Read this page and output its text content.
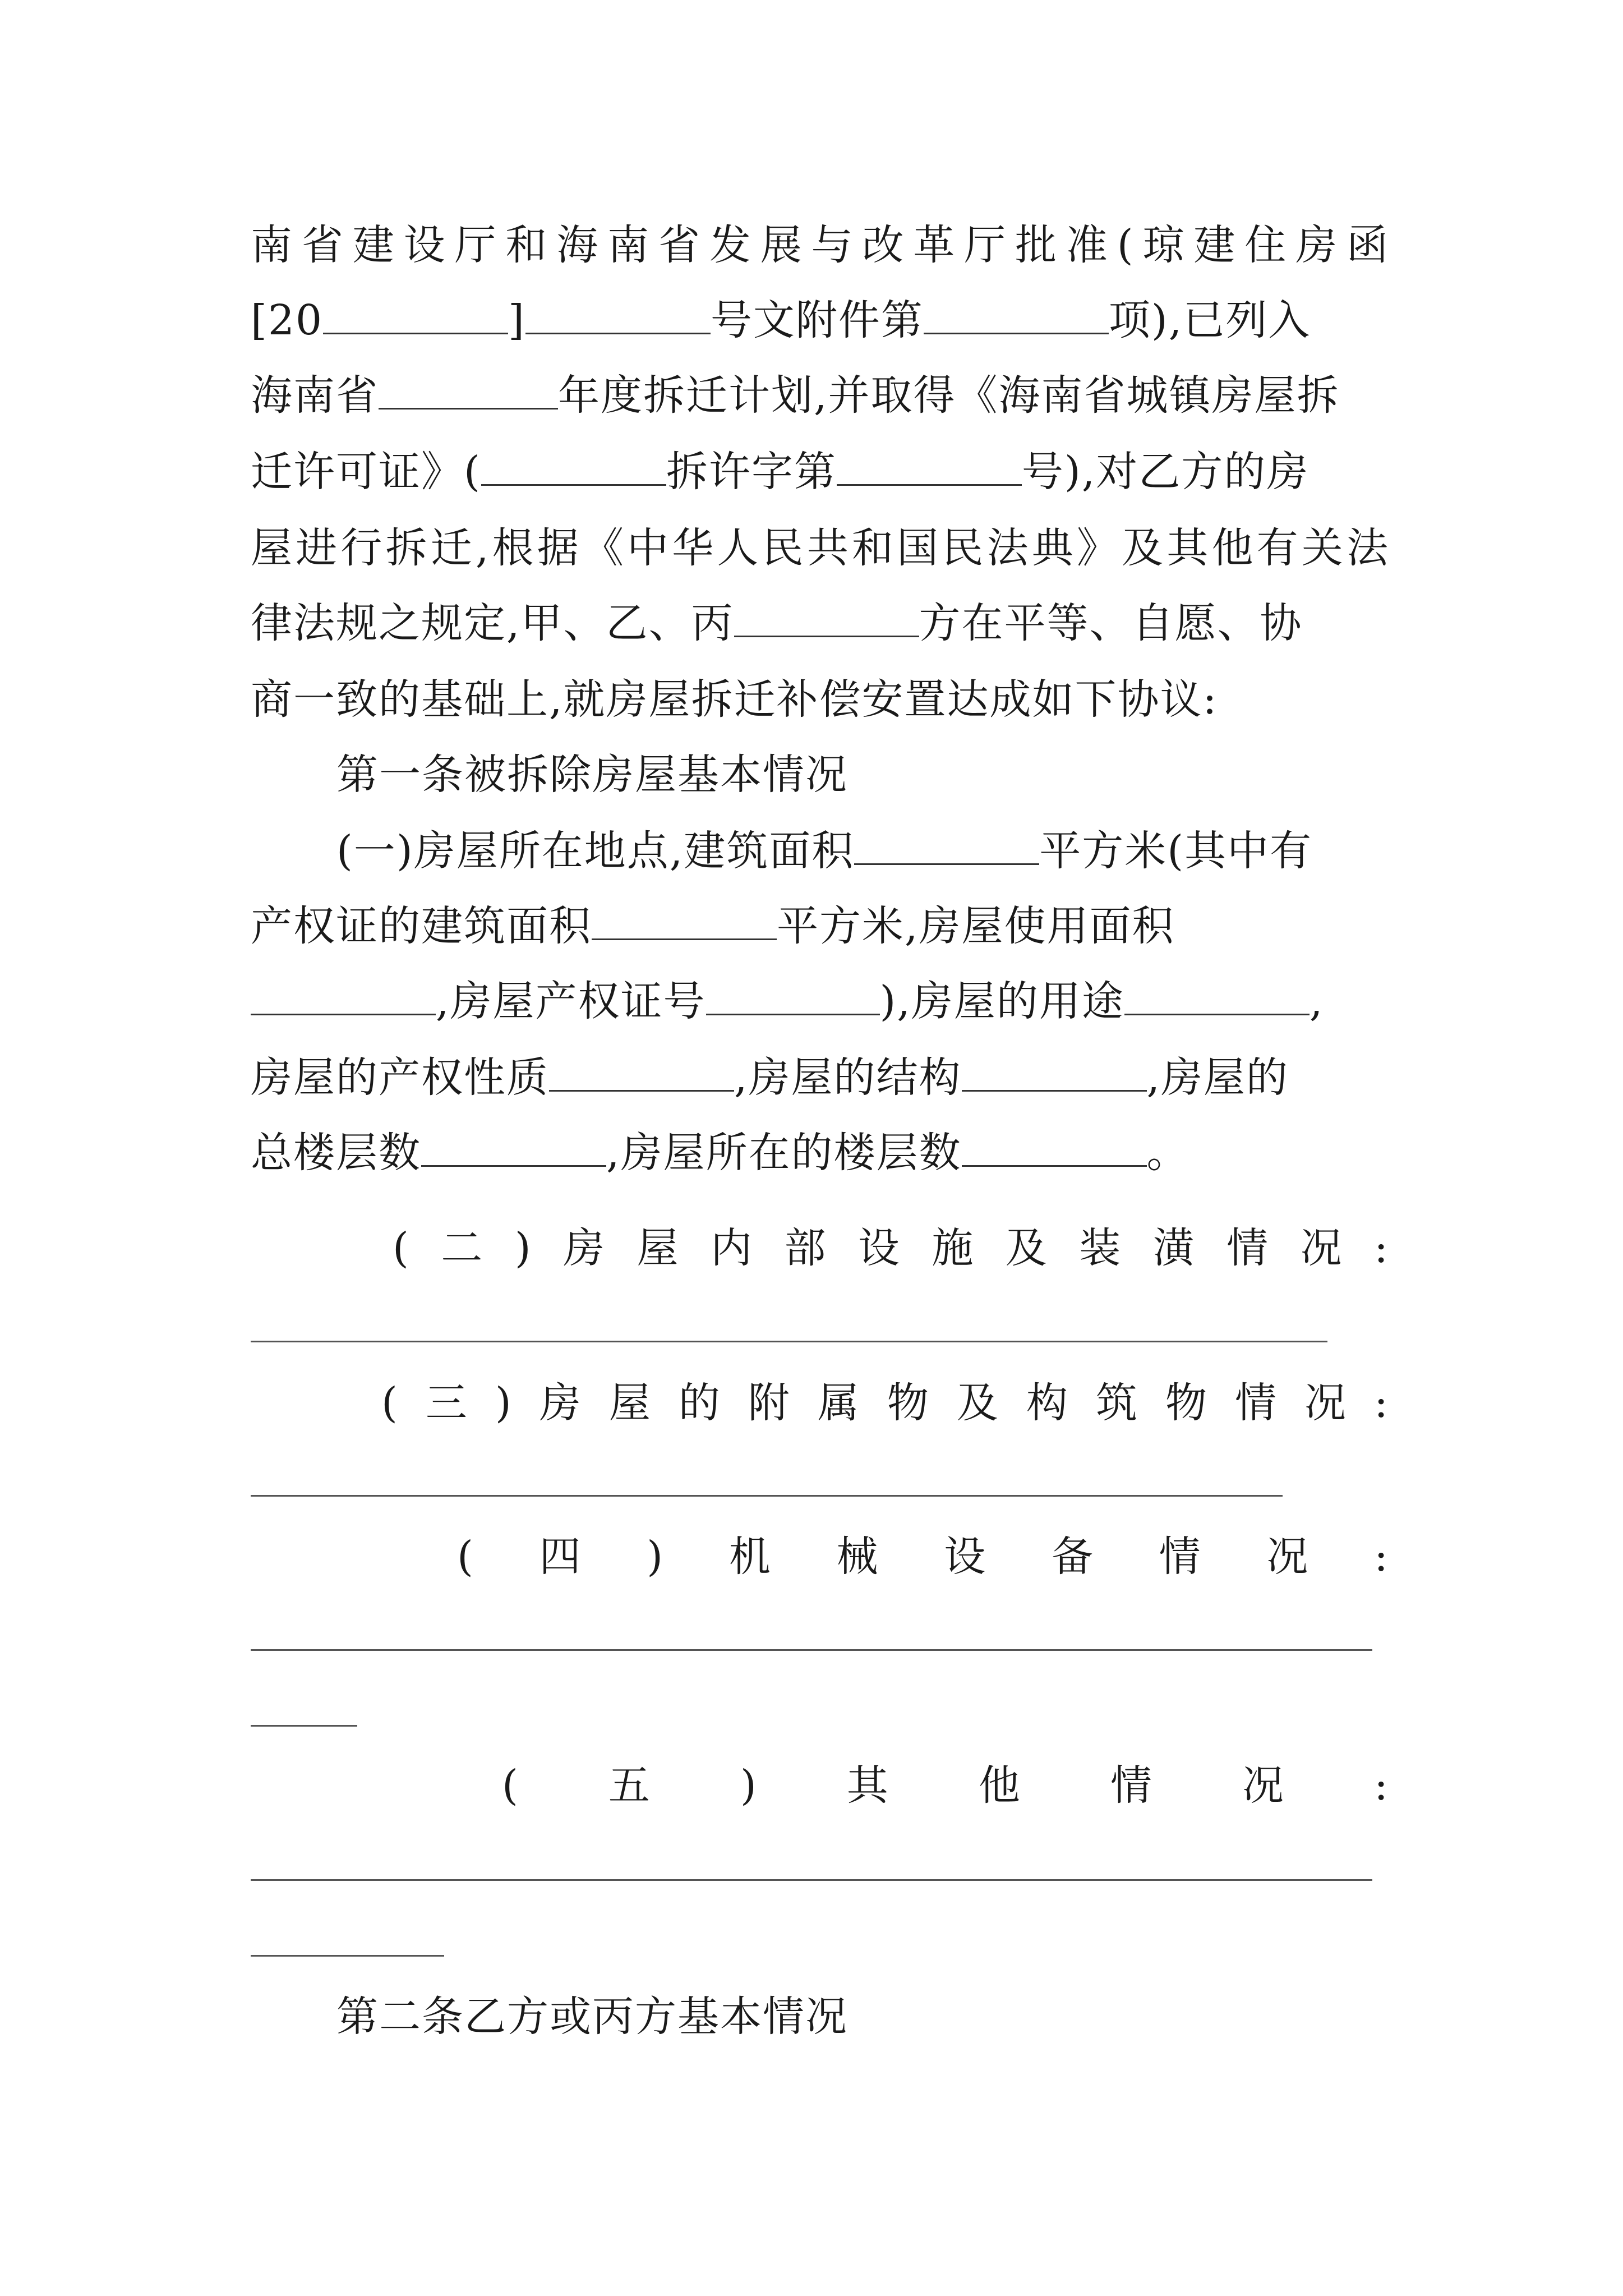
南省建设厅和海南省发展与改革厅批准(琼建住房函
[20	]	号文附件第	项),已列入
海南省	年度拆迁计划,并取得《海南省城镇房屋拆
迁许可证》(	拆许字第	号),对乙方的房
屋进行拆迁,根据《中华人民共和国民法典》及其他有关法
律法规之规定,甲、乙、丙	方在平等、自愿、协
商一致的基础上,就房屋拆迁补偿安置达成如下协议:
第一条被拆除房屋基本情况
(一)房屋所在地点,建筑面积	平方米(其中有
产权证的建筑面积	平方米,房屋使用面积
,房屋产权证号	),房屋的用途	,
房屋的产权性质	,房屋的结构	,房屋的
总楼层数	,房屋所在的楼层数	。
(二)房屋内部设施及装潢情况:
(三)房屋的附属物及构筑物情况:
(四)机械设备情况:
(五)其他情况:
第二条乙方或丙方基本情况
